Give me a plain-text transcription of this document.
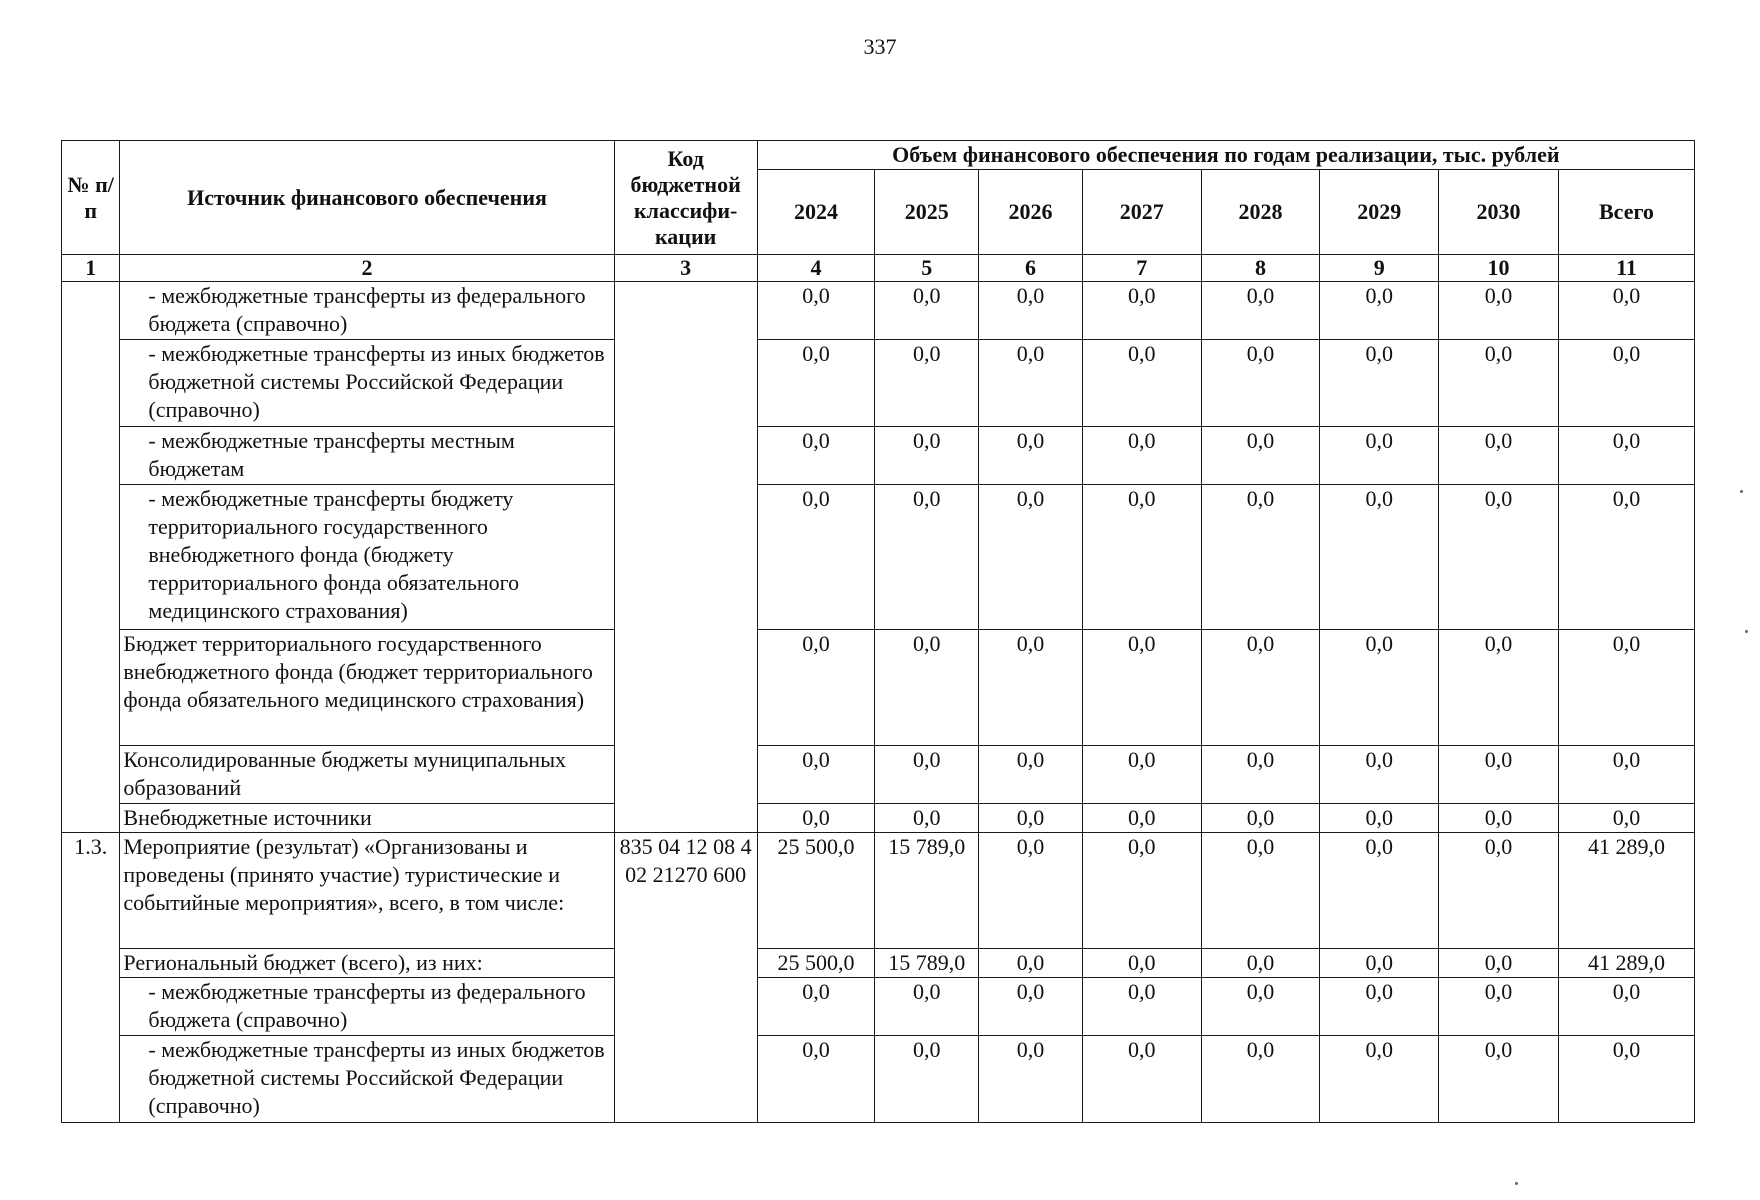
337
№ п/п	Источник финансового обеспечения	Код бюджетной классифи-кации	Объем финансового обеспечения по годам реализации, тыс. рублей							
			2024	2025	2026	2027	2028	2029	2030	Всего
1	2	3	4	5	6	7	8	9	10	11
	- межбюджетные трансферты из федерального бюджета (справочно)		0,0	0,0	0,0	0,0	0,0	0,0	0,0	0,0
	- межбюджетные трансферты из иных бюджетов бюджетной системы Российской Федерации (справочно)		0,0	0,0	0,0	0,0	0,0	0,0	0,0	0,0
	- межбюджетные трансферты местным бюджетам		0,0	0,0	0,0	0,0	0,0	0,0	0,0	0,0
	- межбюджетные трансферты бюджету территориального государственного внебюджетного фонда (бюджету территориального фонда обязательного медицинского страхования)		0,0	0,0	0,0	0,0	0,0	0,0	0,0	0,0
	Бюджет территориального государственного внебюджетного фонда (бюджет территориального фонда обязательного медицинского страхования)		0,0	0,0	0,0	0,0	0,0	0,0	0,0	0,0
	Консолидированные бюджеты муниципальных образований		0,0	0,0	0,0	0,0	0,0	0,0	0,0	0,0
	Внебюджетные источники		0,0	0,0	0,0	0,0	0,0	0,0	0,0	0,0
1.3.	Мероприятие (результат) «Организованы и проведены (принято участие) туристические и событийные мероприятия», всего, в том числе:	835 04 12 08 4 02 21270 600	25 500,0	15 789,0	0,0	0,0	0,0	0,0	0,0	41 289,0
	Региональный бюджет (всего), из них:		25 500,0	15 789,0	0,0	0,0	0,0	0,0	0,0	41 289,0
	- межбюджетные трансферты из федерального бюджета (справочно)		0,0	0,0	0,0	0,0	0,0	0,0	0,0	0,0
	- межбюджетные трансферты из иных бюджетов бюджетной системы Российской Федерации (справочно)		0,0	0,0	0,0	0,0	0,0	0,0	0,0	0,0
